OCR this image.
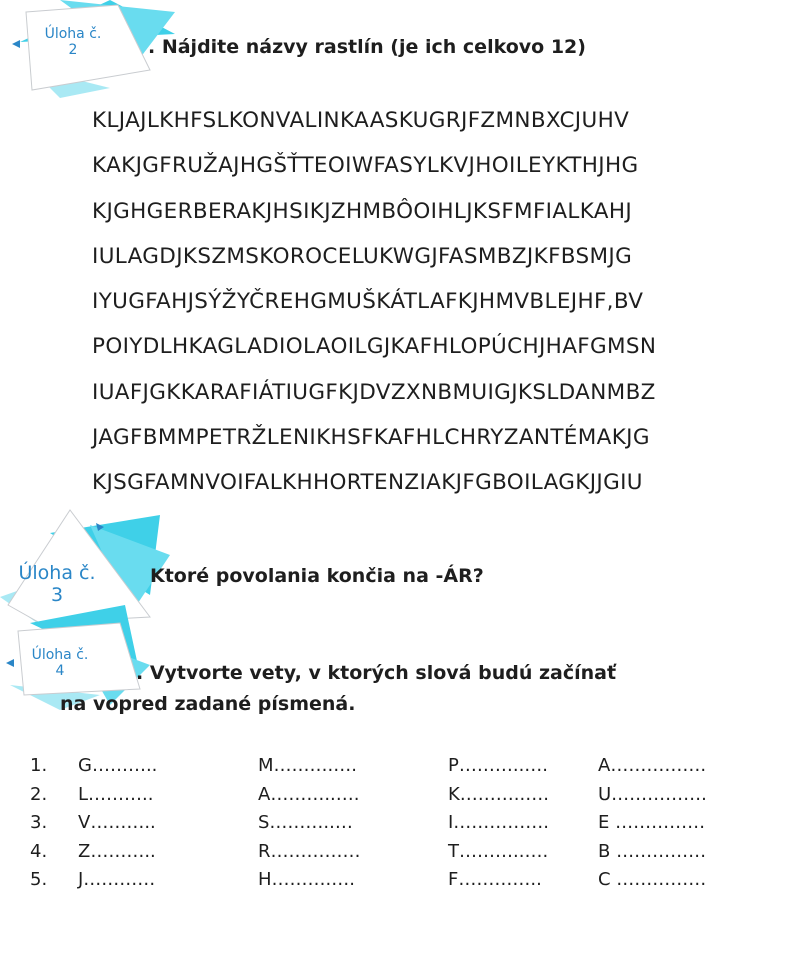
Úloha č.
2	. Nájdite názvy rastlín (je ich celkovo 12)
KLJAJLKHFSLKONVALINKAASKUGRJFZMNBXCJUHV
KAKJGFRUŽAJHGŠŤTEOIWFASYLKVJHOILEYKTHJHG
KJGHGERBERAKJHSIKJZHMBÔOIHLJKSFMFIALKAHJ
IULAGDJKSZMSKOROCELUKWGJFASMBZJKFBSMJG
IYUGFAHJSÝŽYČREHGMUŠKÁTLAFKJHMVBLEJHF,BV
POIYDLHKAGLADIOLAOILGJKAFHLOPÚCHJHAFGMSN
IUAFJGKKARAFIÁTIUGFKJDVZXNBMUIGJKSLDANMBZ
JAGFBMMPETRŽLENIKHSFKAFHLCHRYZANTÉMAKJG
KJSGFAMNVOIFALKHHORTENZIAKJFGBOILAGKJJGIU
Úloha č.
3
Ktoré povolania končia na -ÁR?
Úloha č.
4	. Vytvorte vety, v ktorých slová budú začínať
na vopred zadané písmená.
1. G………..	M……….….	P………..….	A…………….
2. L………..	A………..….	K………..….	U…………….
3. V………..	S………..…	I…………….	E ……………
4. Z………..	R……………	T………..….	B ……………
5. J…………	H……….….	F…………..	C ……………
